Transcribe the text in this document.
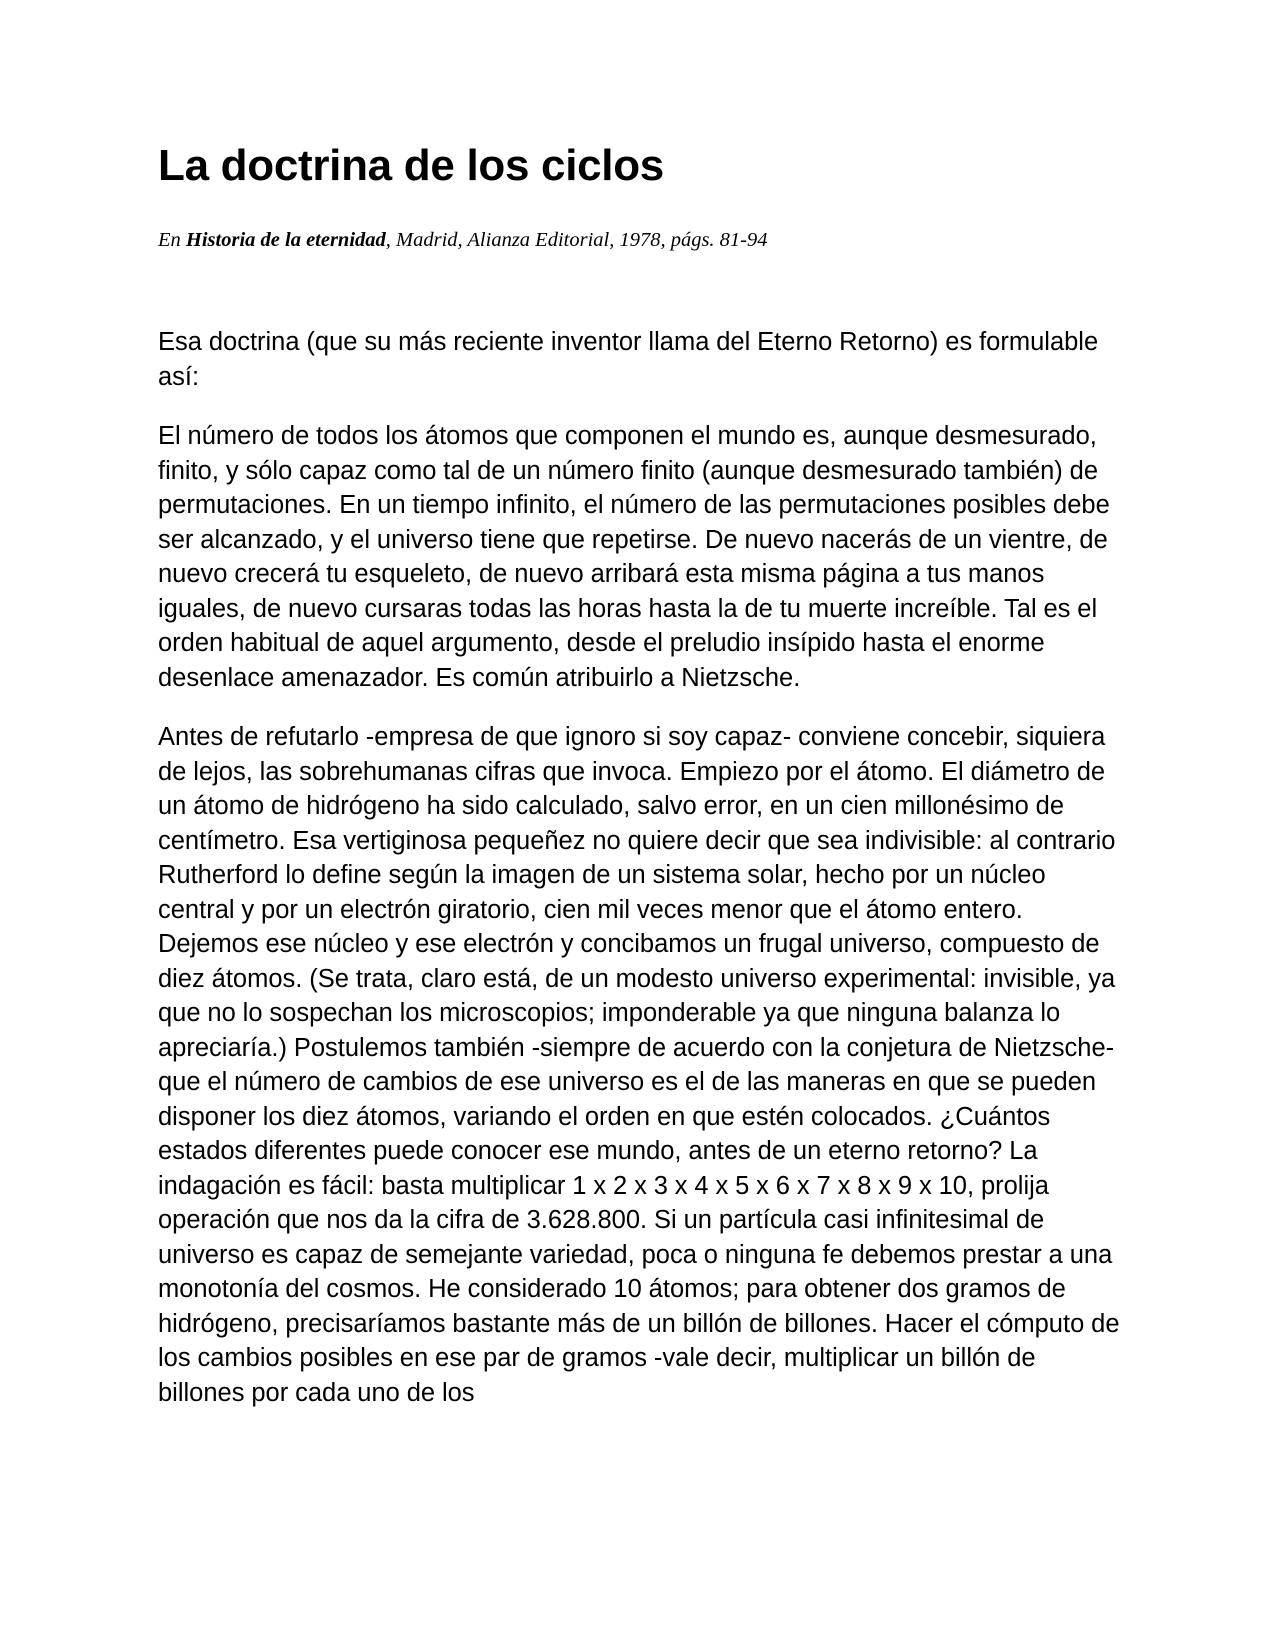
La doctrina de los ciclos

En Historia de la eternidad, Madrid, Alianza Editorial, 1978, págs. 81-94

Esa doctrina (que su más reciente inventor llama del Eterno Retorno) es formulable así:

El número de todos los átomos que componen el mundo es, aunque desmesurado, finito, y sólo capaz como tal de un número finito (aunque desmesurado también) de permutaciones. En un tiempo infinito, el número de las permutaciones posibles debe ser alcanzado, y el universo tiene que repetirse. De nuevo nacerás de un vientre, de nuevo crecerá tu esqueleto, de nuevo arribará esta misma página a tus manos iguales, de nuevo cursaras todas las horas hasta la de tu muerte increíble. Tal es el orden habitual de aquel argumento, desde el preludio insípido hasta el enorme desenlace amenazador. Es común atribuirlo a Nietzsche.

Antes de refutarlo -empresa de que ignoro si soy capaz- conviene concebir, siquiera de lejos, las sobrehumanas cifras que invoca. Empiezo por el átomo. El diámetro de un átomo de hidrógeno ha sido calculado, salvo error, en un cien millonésimo de centímetro. Esa vertiginosa pequeñez no quiere decir que sea indivisible: al contrario Rutherford lo define según la imagen de un sistema solar, hecho por un núcleo central y por un electrón giratorio, cien mil veces menor que el átomo entero. Dejemos ese núcleo y ese electrón y concibamos un frugal universo, compuesto de diez átomos. (Se trata, claro está, de un modesto universo experimental: invisible, ya que no lo sospechan los microscopios; imponderable ya que ninguna balanza lo apreciaría.) Postulemos también -siempre de acuerdo con la conjetura de Nietzsche- que el número de cambios de ese universo es el de las maneras en que se pueden disponer los diez átomos, variando el orden en que estén colocados. ¿Cuántos estados diferentes puede conocer ese mundo, antes de un eterno retorno? La indagación es fácil: basta multiplicar 1 x 2 x 3 x 4 x 5 x 6 x 7 x 8 x 9 x 10, prolija operación que nos da la cifra de 3.628.800. Si un partícula casi infinitesimal de universo es capaz de semejante variedad, poca o ninguna fe debemos prestar a una monotonía del cosmos. He considerado 10 átomos; para obtener dos gramos de hidrógeno, precisaríamos bastante más de un billón de billones. Hacer el cómputo de los cambios posibles en ese par de gramos -vale decir, multiplicar un billón de billones por cada uno de los
